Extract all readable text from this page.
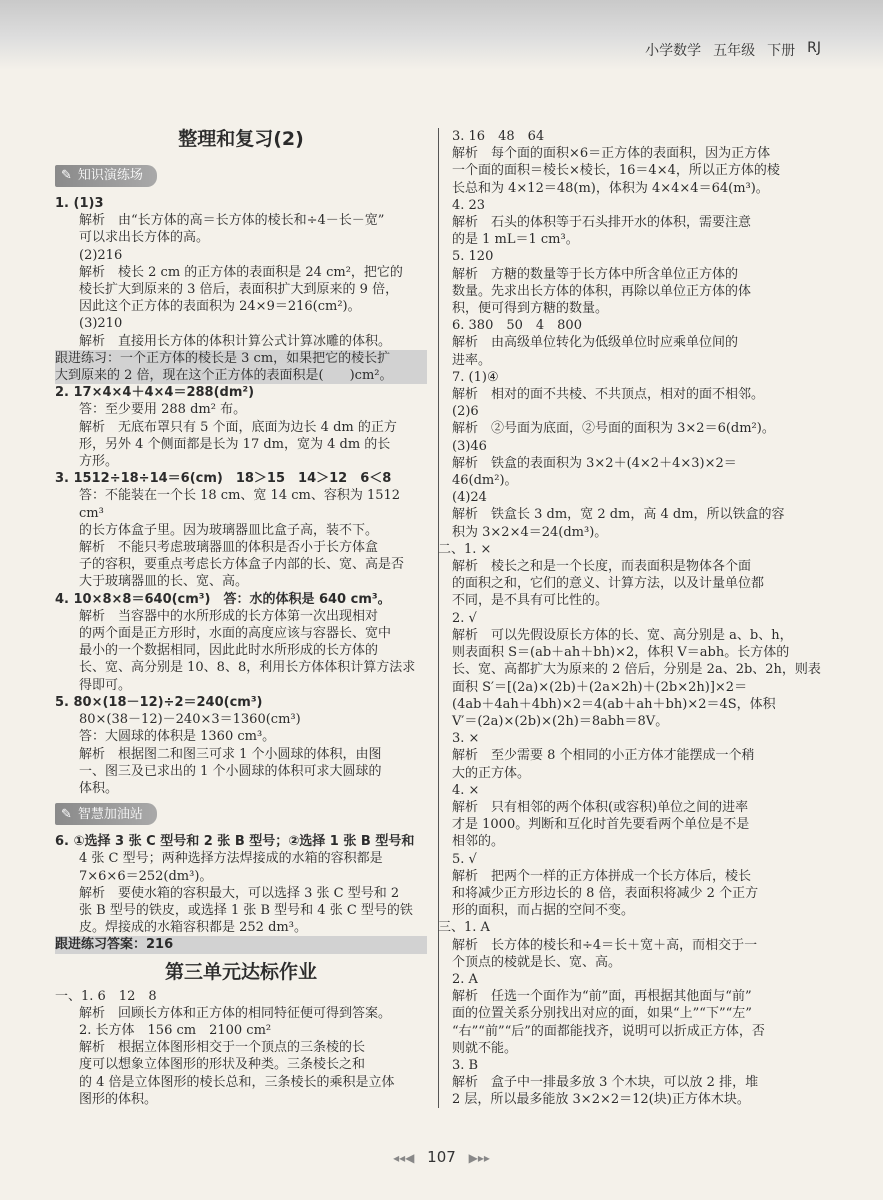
小学数学 五年级 下册 RJ
整理和复习(2)
✎ 知识演练场
1. (1)3
解析　由“长方体的高＝长方体的棱长和÷4－长－宽”
可以求出长方体的高。
(2)216
解析　棱长 2 cm 的正方体的表面积是 24 cm²，把它的
棱长扩大到原来的 3 倍后，表面积扩大到原来的 9 倍，
因此这个正方体的表面积为 24×9＝216(cm²)。
(3)210
解析　直接用长方体的体积计算公式计算冰雕的体积。
跟进练习：一个正方体的棱长是 3 cm，如果把它的棱长扩
大到原来的 2 倍，现在这个正方体的表面积是(　　)cm²。
2. 17×4×4＋4×4＝288(dm²)
答：至少要用 288 dm² 布。
解析　无底布罩只有 5 个面，底面为边长 4 dm 的正方
形，另外 4 个侧面都是长为 17 dm，宽为 4 dm 的长
方形。
3. 1512÷18÷14＝6(cm)　18＞15　14＞12　6＜8
答：不能装在一个长 18 cm、宽 14 cm、容积为 1512 cm³
的长方体盒子里。因为玻璃器皿比盒子高，装不下。
解析　不能只考虑玻璃器皿的体积是否小于长方体盒
子的容积，要重点考虑长方体盒子内部的长、宽、高是否
大于玻璃器皿的长、宽、高。
4. 10×8×8＝640(cm³)　答：水的体积是 640 cm³。
解析　当容器中的水所形成的长方体第一次出现相对
的两个面是正方形时，水面的高度应该与容器长、宽中
最小的一个数据相同，因此此时水所形成的长方体的
长、宽、高分别是 10、8、8，利用长方体体积计算方法求
得即可。
5. 80×(18－12)÷2＝240(cm³)
80×(38－12)－240×3＝1360(cm³)
答：大圆球的体积是 1360 cm³。
解析　根据图二和图三可求 1 个小圆球的体积，由图
一、图三及已求出的 1 个小圆球的体积可求大圆球的
体积。
✎ 智慧加油站
6. ①选择 3 张 C 型号和 2 张 B 型号；②选择 1 张 B 型号和
4 张 C 型号；两种选择方法焊接成的水箱的容积都是
7×6×6＝252(dm³)。
解析　要使水箱的容积最大，可以选择 3 张 C 型号和 2
张 B 型号的铁皮，或选择 1 张 B 型号和 4 张 C 型号的铁
皮。焊接成的水箱容积都是 252 dm³。
跟进练习答案：216
第三单元达标作业
一、1. 6　12　8
解析　回顾长方体和正方体的相同特征便可得到答案。
2. 长方体　156 cm　2100 cm²
解析　根据立体图形相交于一个顶点的三条棱的长
度可以想象立体图形的形状及种类。三条棱长之和
的 4 倍是立体图形的棱长总和，三条棱长的乘积是立体
图形的体积。
3. 16　48　64
解析　每个面的面积×6＝正方体的表面积，因为正方体
一个面的面积＝棱长×棱长，16＝4×4，所以正方体的棱
长总和为 4×12＝48(m)，体积为 4×4×4＝64(m³)。
4. 23
解析　石头的体积等于石头排开水的体积，需要注意
的是 1 mL＝1 cm³。
5. 120
解析　方糖的数量等于长方体中所含单位正方体的
数量。先求出长方体的体积，再除以单位正方体的体
积，便可得到方糖的数量。
6. 380　50　4　800
解析　由高级单位转化为低级单位时应乘单位间的
进率。
7. (1)④
解析　相对的面不共棱、不共顶点，相对的面不相邻。
(2)6
解析　②号面为底面，②号面的面积为 3×2＝6(dm²)。
(3)46
解析　铁盒的表面积为 3×2＋(4×2＋4×3)×2＝
46(dm²)。
(4)24
解析　铁盒长 3 dm，宽 2 dm，高 4 dm，所以铁盒的容
积为 3×2×4＝24(dm³)。
二、1. ×
解析　棱长之和是一个长度，而表面积是物体各个面
的面积之和，它们的意义、计算方法，以及计量单位都
不同，是不具有可比性的。
2. √
解析　可以先假设原长方体的长、宽、高分别是 a、b、h，
则表面积 S＝(ab＋ah＋bh)×2，体积 V＝abh。长方体的
长、宽、高都扩大为原来的 2 倍后，分别是 2a、2b、2h，则表
面积 S′＝[(2a)×(2b)＋(2a×2h)＋(2b×2h)]×2＝
(4ab＋4ah＋4bh)×2＝4(ab＋ah＋bh)×2＝4S，体积
V′＝(2a)×(2b)×(2h)＝8abh＝8V。
3. ×
解析　至少需要 8 个相同的小正方体才能摆成一个稍
大的正方体。
4. ×
解析　只有相邻的两个体积(或容积)单位之间的进率
才是 1000。判断和互化时首先要看两个单位是不是
相邻的。
5. √
解析　把两个一样的正方体拼成一个长方体后，棱长
和将减少正方形边长的 8 倍，表面积将减少 2 个正方
形的面积，而占据的空间不变。
三、1. A
解析　长方体的棱长和÷4＝长＋宽＋高，而相交于一
个顶点的棱就是长、宽、高。
2. A
解析　任选一个面作为“前”面，再根据其他面与“前”
面的位置关系分别找出对应的面，如果“上”“下”“左”
“右”“前”“后”的面都能找齐，说明可以折成正方体，否
则就不能。
3. B
解析　盒子中一排最多放 3 个木块，可以放 2 排，堆
2 层，所以最多能放 3×2×2＝12(块)正方体木块。
◂◂◀ 107 ▶▸▸
